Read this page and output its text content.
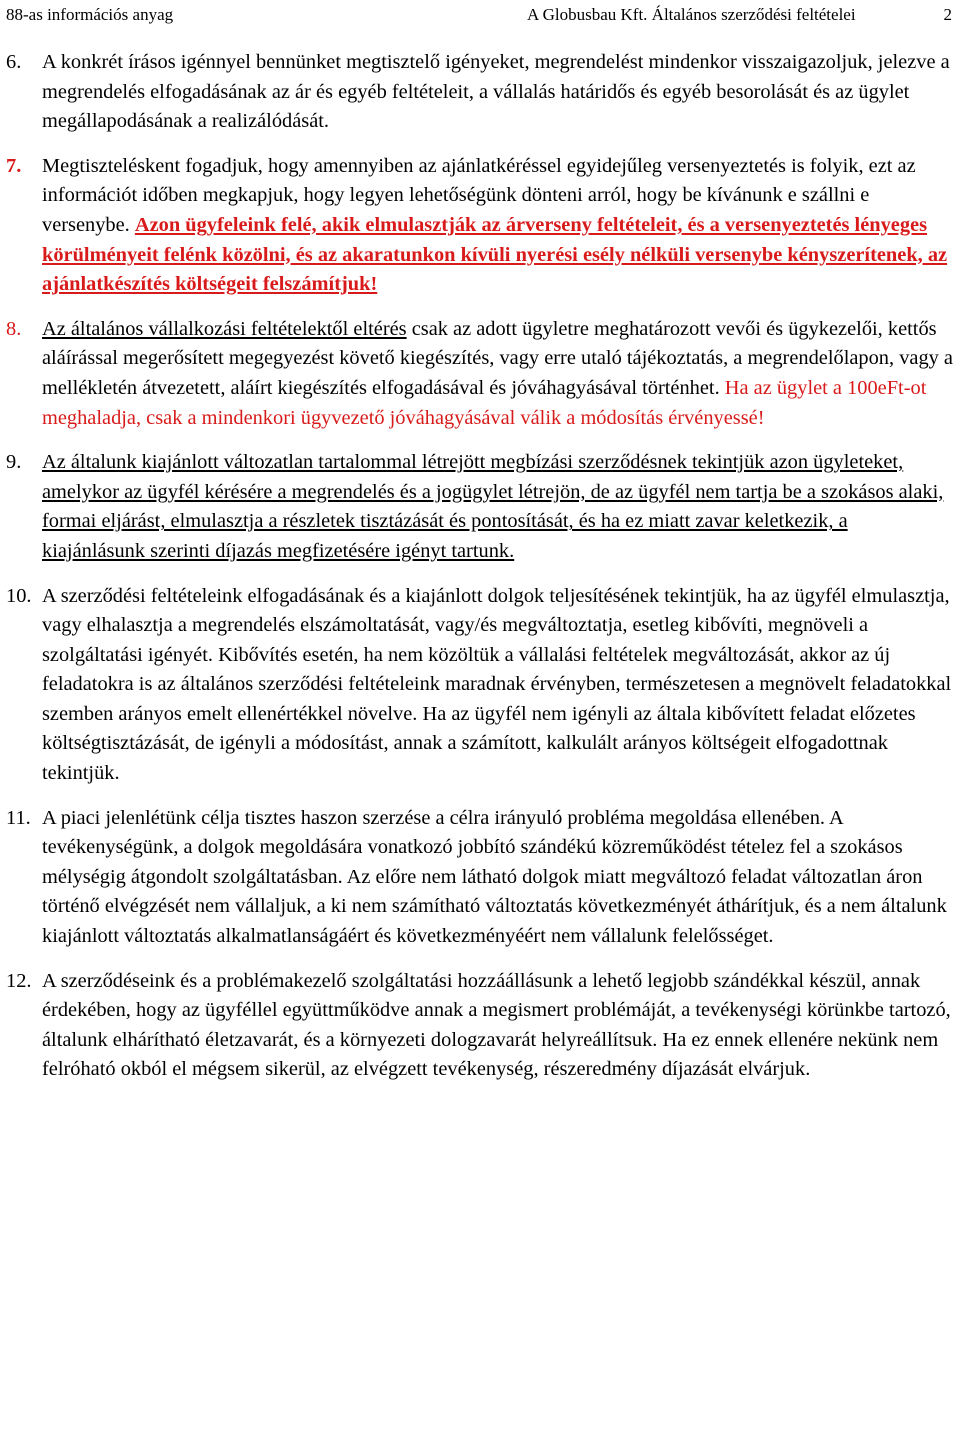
88-as információs anyag	A Globusbau Kft. Általános szerződési feltételei	2

6. A konkrét írásos igénnyel bennünket megtisztelő igényeket, megrendelést mindenkor visszaigazoljuk, jelezve a megrendelés elfogadásának az ár és egyéb feltételeit, a vállalás határidős és egyéb besorolását és az ügylet megállapodásának a realizálódását.

7. Megtiszteléskent fogadjuk, hogy amennyiben az ajánlatkéréssel egyidejűleg versenyeztetés is folyik, ezt az információt időben megkapjuk, hogy legyen lehetőségünk dönteni arról, hogy be kívánunk e szállni e versenybe. Azon ügyfeleink felé, akik elmulasztják az árverseny feltételeit, és a versenyeztetés lényeges körülményeit felénk közölni, és az akaratunkon kívüli nyerési esély nélküli versenybe kényszerítenek, az ajánlatkészítés költségeit felszámítjuk!

8. Az általános vállalkozási feltételektől eltérés csak az adott ügyletre meghatározott vevői és ügykezelői, kettős aláírással megerősített megegyezést követő kiegészítés, vagy erre utaló tájékoztatás, a megrendelőlapon, vagy a mellékletén átvezetett, aláírt kiegészítés elfogadásával és jóváhagyásával történhet. Ha az ügylet a 100eFt-ot meghaladja, csak a mindenkori ügyvezető jóváhagyásával válik a módosítás érvényessé!

9. Az általunk kiajánlott változatlan tartalommal létrejött megbízási szerződésnek tekintjük azon ügyleteket, amelykor az ügyfél kérésére a megrendelés és a jogügylet létrejön, de az ügyfél nem tartja be a szokásos alaki, formai eljárást, elmulasztja a részletek tisztázását és pontosítását, és ha ez miatt zavar keletkezik, a kiajánlásunk szerinti díjazás megfizetésére igényt tartunk.

10. A szerződési feltételeink elfogadásának és a kiajánlott dolgok teljesítésének tekintjük, ha az ügyfél elmulasztja, vagy elhalasztja a megrendelés elszámoltatását, vagy/és megváltoztatja, esetleg kibővíti, megnöveli a szolgáltatási igényét. Kibővítés esetén, ha nem közöltük a vállalási feltételek megváltozását, akkor az új feladatokra is az általános szerződési feltételeink maradnak érvényben, természetesen a megnövelt feladatokkal szemben arányos emelt ellenértékkel növelve. Ha az ügyfél nem igényli az általa kibővített feladat előzetes költségtisztázását, de igényli a módosítást, annak a számított, kalkulált arányos költségeit elfogadottnak tekintjük.

11. A piaci jelenlétünk célja tisztes haszon szerzése a célra irányuló probléma megoldása ellenében. A tevékenységünk, a dolgok megoldására vonatkozó jobbító szándékú közreműködést tételez fel a szokásos mélységig átgondolt szolgáltatásban. Az előre nem látható dolgok miatt megváltozó feladat változatlan áron történő elvégzését nem vállaljuk, a ki nem számítható változtatás következményét áthárítjuk, és a nem általunk kiajánlott változtatás alkalmatlanságáért és következményéért nem vállalunk felelősséget.

12. A szerződéseink és a problémakezelő szolgáltatási hozzáállásunk a lehető legjobb szándékkal készül, annak érdekében, hogy az ügyféllel együttműködve annak a megismert problémáját, a tevékenységi körünkbe tartozó, általunk elhárítható életzavarát, és a környezeti dologzavarát helyreállítsuk. Ha ez ennek ellenére nekünk nem felróható okból el mégsem sikerül, az elvégzett tevékenység, részeredmény díjazását elvárjuk.
